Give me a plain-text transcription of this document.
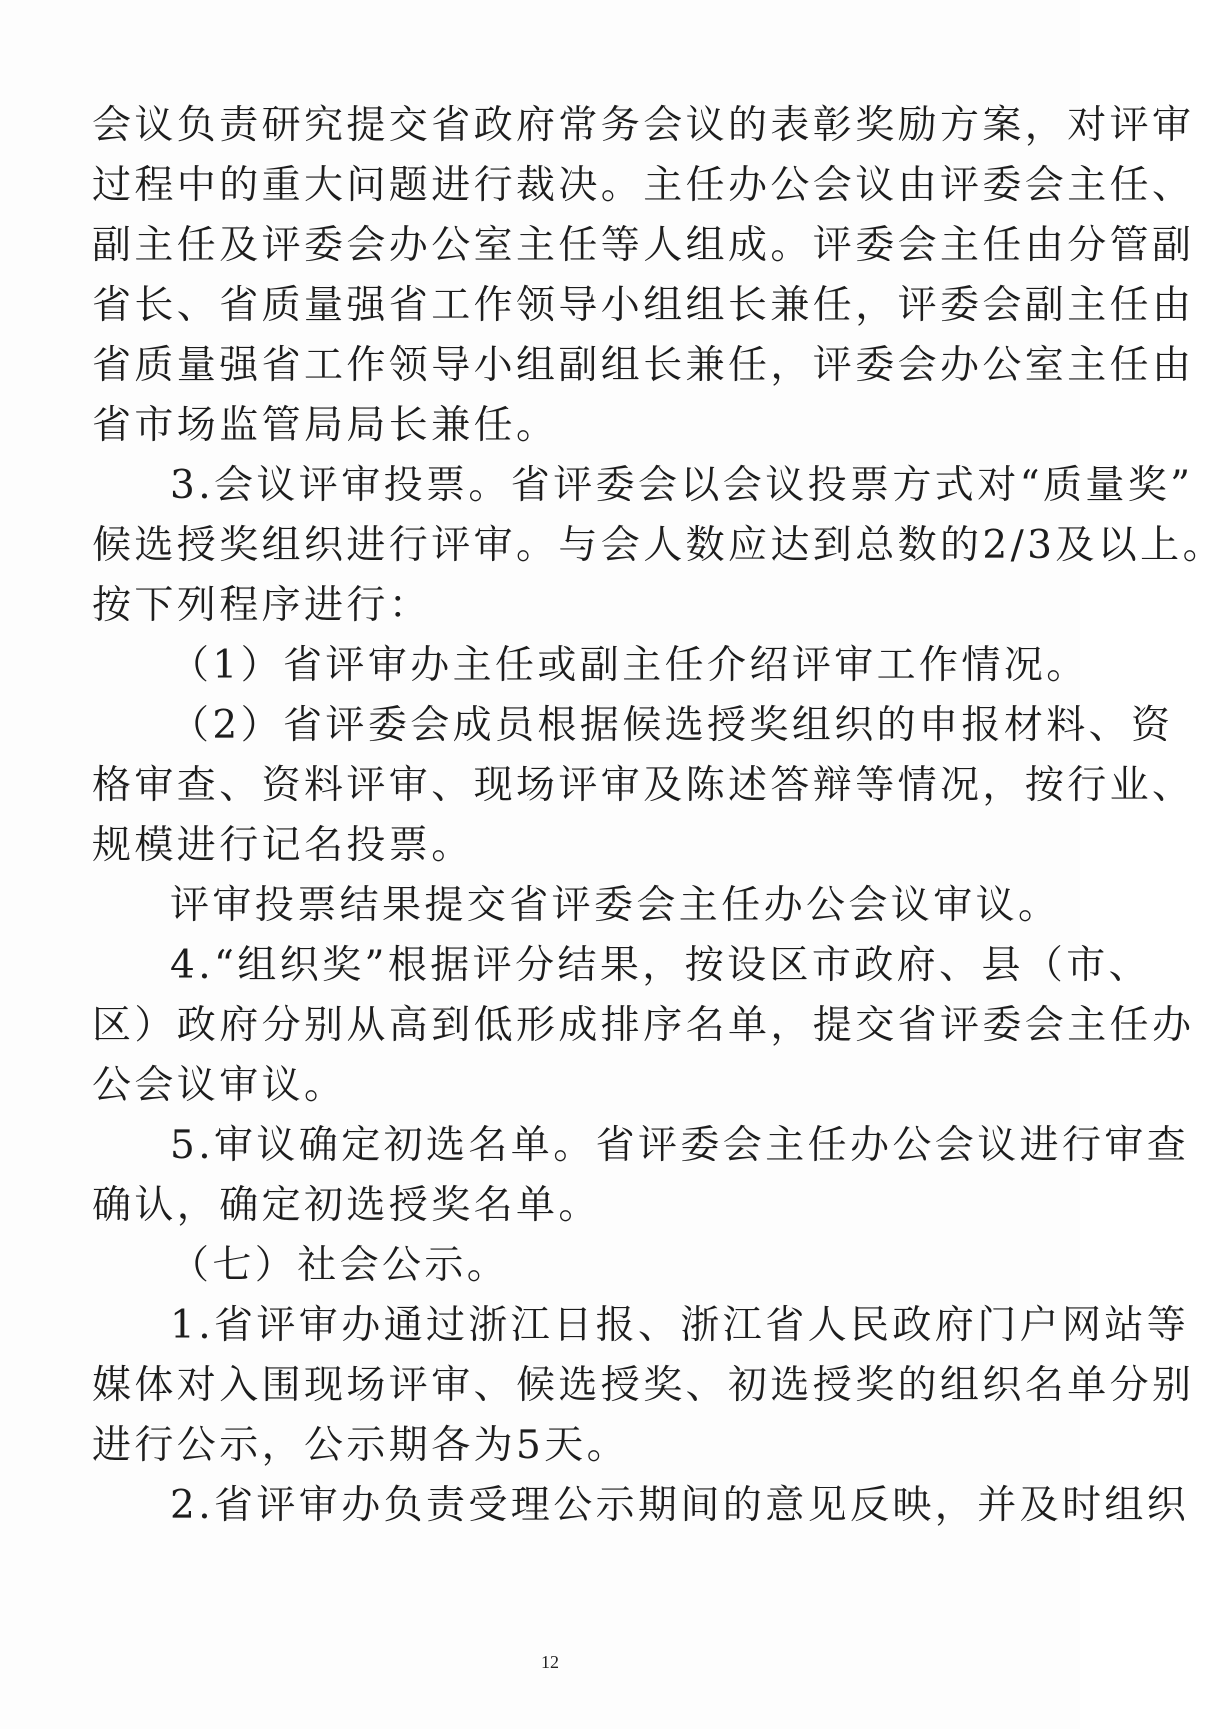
会议负责研究提交省政府常务会议的表彰奖励方案，对评审
过程中的重大问题进行裁决。主任办公会议由评委会主任、
副主任及评委会办公室主任等人组成。评委会主任由分管副
省长、省质量强省工作领导小组组长兼任，评委会副主任由
省质量强省工作领导小组副组长兼任，评委会办公室主任由
省市场监管局局长兼任。
3.会议评审投票。省评委会以会议投票方式对“质量奖”
候选授奖组织进行评审。与会人数应达到总数的2/3及以上。
按下列程序进行：
（1）省评审办主任或副主任介绍评审工作情况。
（2）省评委会成员根据候选授奖组织的申报材料、资
格审查、资料评审、现场评审及陈述答辩等情况，按行业、
规模进行记名投票。
评审投票结果提交省评委会主任办公会议审议。
4.“组织奖”根据评分结果，按设区市政府、县（市、
区）政府分别从高到低形成排序名单，提交省评委会主任办
公会议审议。
5.审议确定初选名单。省评委会主任办公会议进行审查
确认，确定初选授奖名单。
（七）社会公示。
1.省评审办通过浙江日报、浙江省人民政府门户网站等
媒体对入围现场评审、候选授奖、初选授奖的组织名单分别
进行公示，公示期各为5天。
2.省评审办负责受理公示期间的意见反映，并及时组织
12
